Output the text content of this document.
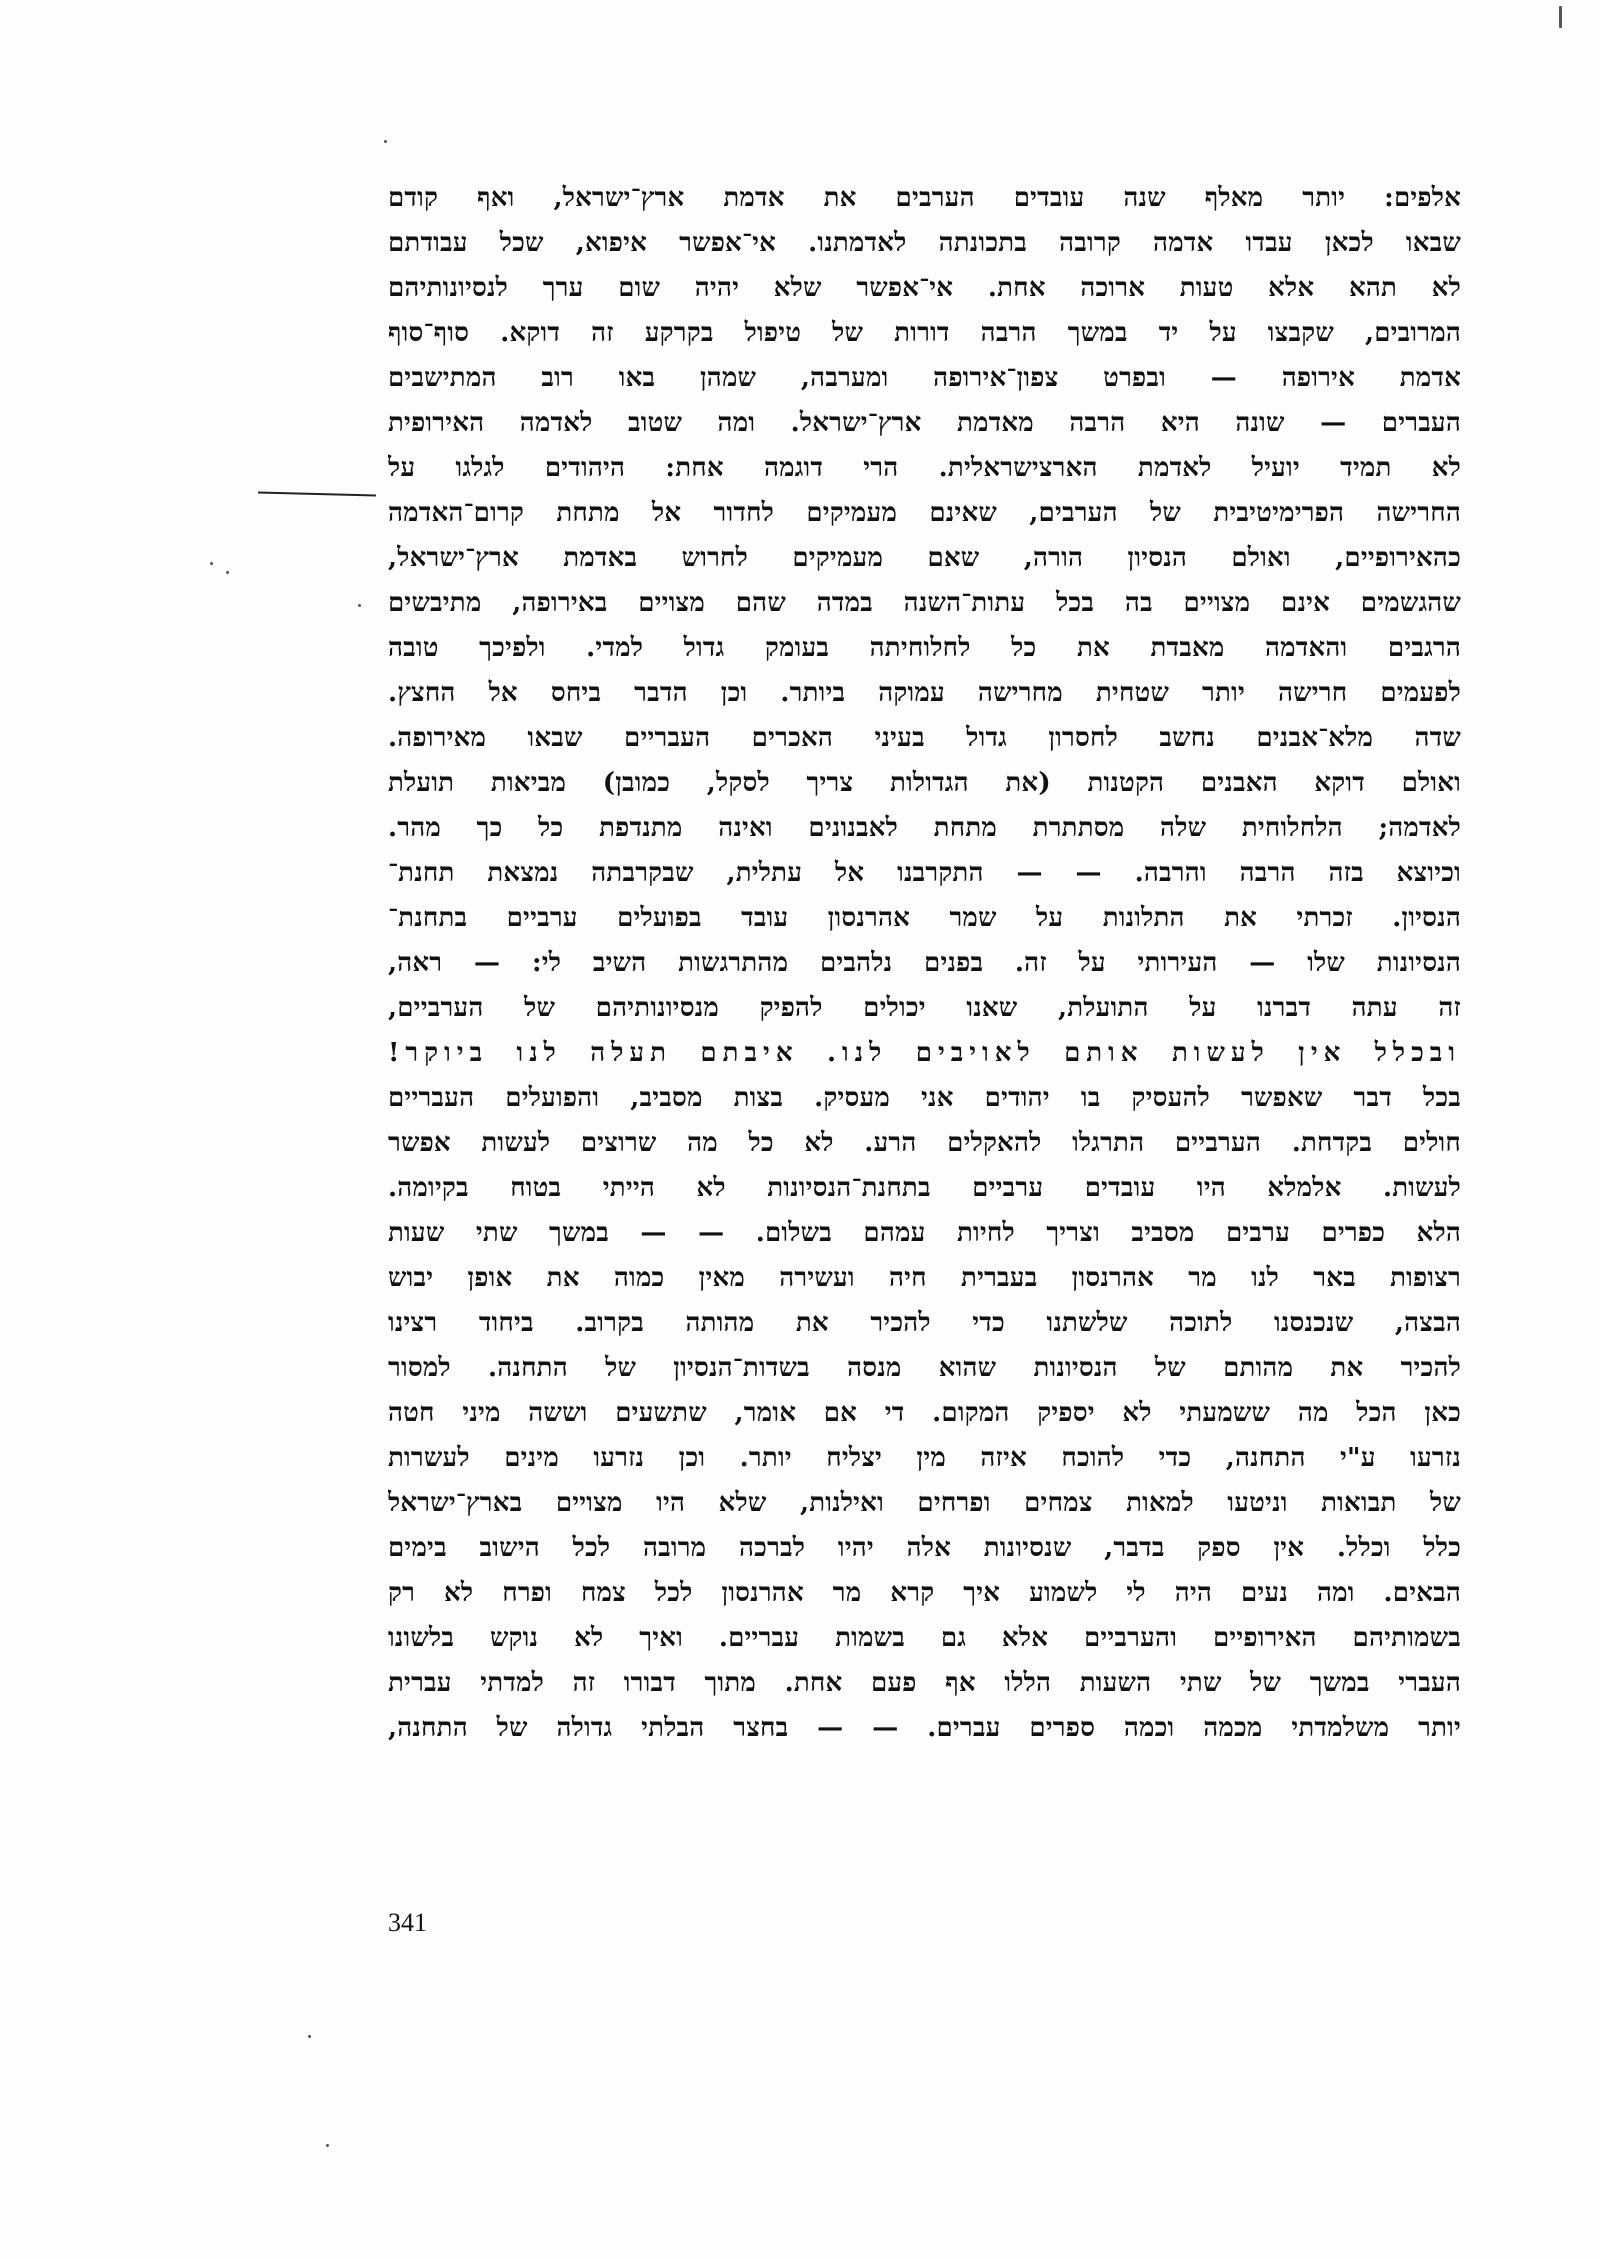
אלפים: יותר מאלף שנה עובדים הערבים את אדמת ארץ־ישראל, ואף קודם
שבאו לכאן עבדו אדמה קרובה בתכונתה לאדמתנו. אי־אפשר איפוא, שכל עבודתם
לא תהא אלא טעות ארוכה אחת. אי־אפשר שלא יהיה שום ערך לנסיונותיהם
המרובים, שקבצו על יד במשך הרבה דורות של טיפול בקרקע זה דוקא. סוף־סוף
אדמת אירופה — ובפרט צפון־אירופה ומערבה, שמהן באו רוב המתישבים
העברים — שונה היא הרבה מאדמת ארץ־ישראל. ומה שטוב לאדמה האירופית
לא תמיד יועיל לאדמת הארצישראלית. הרי דוגמה אחת: היהודים לגלגו על
החרישה הפרימיטיבית של הערבים, שאינם מעמיקים לחדור אל מתחת קרום־האדמה
כהאירופיים, ואולם הנסיון הורה, שאם מעמיקים לחרוש באדמת ארץ־ישראל,
שהגשמים אינם מצויים בה בכל עתות־השנה במדה שהם מצויים באירופה, מתיבשים
הרגבים והאדמה מאבדת את כל לחלוחיתה בעומק גדול למדי. ולפיכך טובה
לפעמים חרישה יותר שטחית מחרישה עמוקה ביותר. וכן הדבר ביחס אל החצץ.
שדה מלא־אבנים נחשב לחסרון גדול בעיני האכרים העבריים שבאו מאירופה.
ואולם דוקא האבנים הקטנות (את הגדולות צריך לסקל, כמובן) מביאות תועלת
לאדמה; הלחלוחית שלה מסתתרת מתחת לאבנונים ואינה מתנדפת כל כך מהר.
וכיוצא בזה הרבה והרבה. — — התקרבנו אל עתלית, שבקרבתה נמצאת תחנת־
הנסיון. זכרתי את התלונות על שמר אהרנסון עובד בפועלים ערביים בתחנת־
הנסיונות שלו — העירותי על זה. בפנים נלהבים מהתרגשות השיב לי: — ראה,
זה עתה דברנו על התועלת, שאנו יכולים להפיק מנסיונותיהם של הערביים,
ובכלל אין לעשות אותם לאויבים לנו. איבתם תעלה לנו ביוקר!
בכל דבר שאפשר להעסיק בו יהודים אני מעסיק. בצות מסביב, והפועלים העבריים
חולים בקדחת. הערביים התרגלו להאקלים הרע. לא כל מה שרוצים לעשות אפשר
לעשות. אלמלא היו עובדים ערביים בתחנת־הנסיונות לא הייתי בטוח בקיומה.
הלא כפרים ערבים מסביב וצריך לחיות עמהם בשלום. — — במשך שתי שעות
רצופות באר לנו מר אהרנסון בעברית חיה ועשירה מאין כמוה את אופן יבוש
הבצה, שנכנסנו לתוכה שלשתנו כדי להכיר את מהותה בקרוב. ביחוד רצינו
להכיר את מהותם של הנסיונות שהוא מנסה בשדות־הנסיון של התחנה. למסור
כאן הכל מה ששמעתי לא יספיק המקום. די אם אומר, שתשעים וששה מיני חטה
נזרעו ע"י התחנה, כדי להוכח איזה מין יצליח יותר. וכן נזרעו מינים לעשרות
של תבואות וניטעו למאות צמחים ופרחים ואילנות, שלא היו מצויים בארץ־ישראל
כלל וכלל. אין ספק בדבר, שנסיונות אלה יהיו לברכה מרובה לכל הישוב בימים
הבאים. ומה נעים היה לי לשמוע איך קרא מר אהרנסון לכל צמח ופרח לא רק
בשמותיהם האירופיים והערביים אלא גם בשמות עבריים. ואיך לא נוקש בלשונו
העברי במשך של שתי השעות הללו אף פעם אחת. מתוך דבורו זה למדתי עברית
יותר משלמדתי מכמה וכמה ספרים עברים. — — בחצר הבלתי גדולה של התחנה,
341
